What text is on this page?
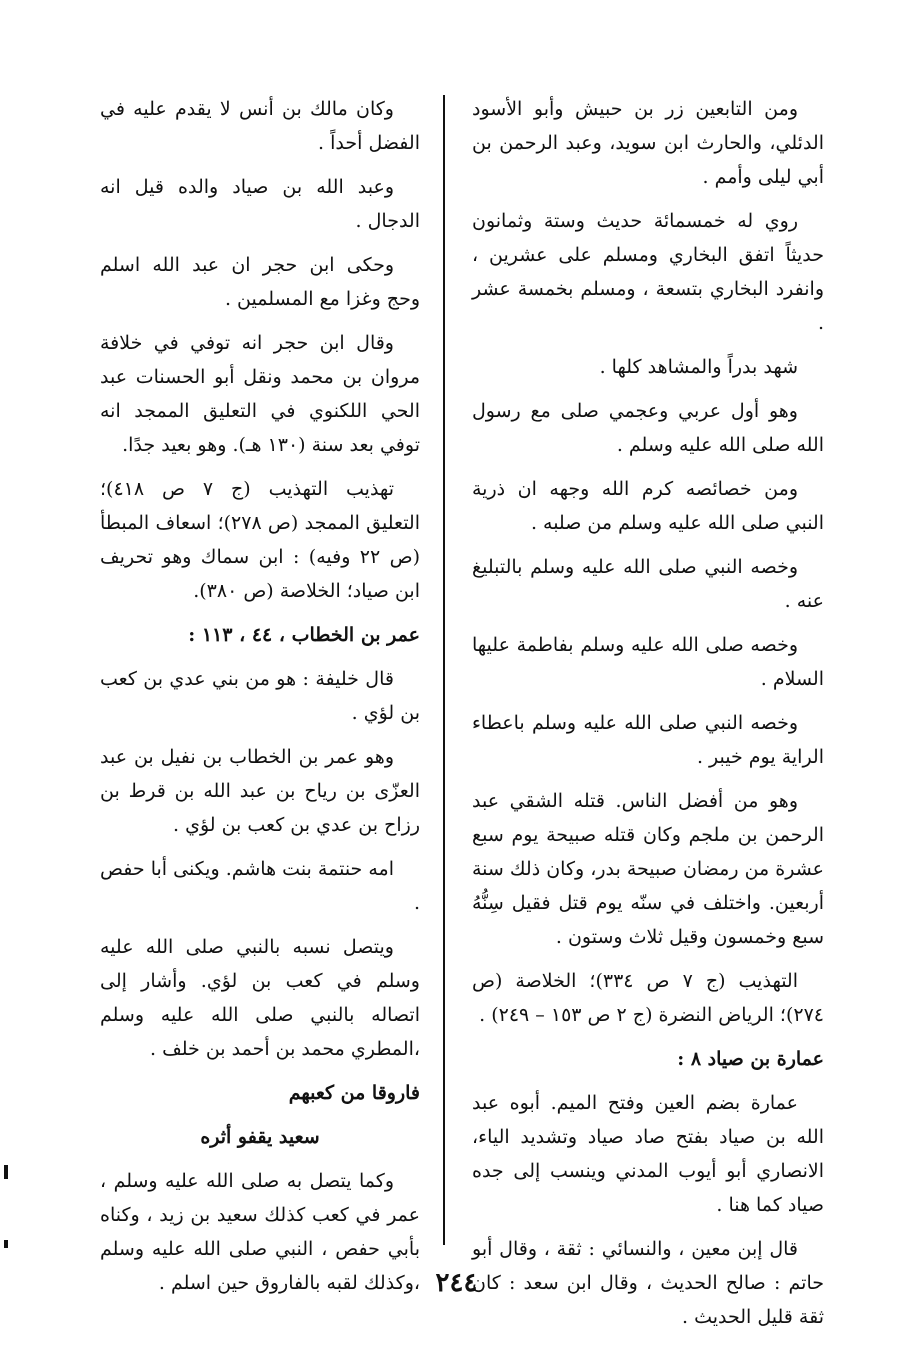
ومن التابعين زر بن حبيش وأبو الأسود الدئلي، والحارث ابن سويد، وعبد الرحمن بن أبي ليلى وأمم .

روي له خمسمائة حديث وستة وثمانون حديثاً اتفق البخاري ومسلم على عشرين ، وانفرد البخاري بتسعة ، ومسلم بخمسة عشر .

شهد بدراً والمشاهد كلها .

وهو أول عربي وعجمي صلى مع رسول الله صلى الله عليه وسلم .

ومن خصائصه كرم الله وجهه ان ذرية النبي صلى الله عليه وسلم من صلبه .

وخصه النبي صلى الله عليه وسلم بالتبليغ عنه .

وخصه صلى الله عليه وسلم بفاطمة عليها السلام .

وخصه النبي صلى الله عليه وسلم باعطاء الراية يوم خيبر .

وهو من أفضل الناس. قتله الشقي عبد الرحمن بن ملجم وكان قتله صبيحة يوم سبع عشرة من رمضان صبيحة بدر، وكان ذلك سنة أربعين. واختلف في سنّه يوم قتل فقيل سِنُّهُ سبع وخمسون وقيل ثلاث وستون .

التهذيب (ج ٧ ص ٣٣٤)؛ الخلاصة (ص ٢٧٤)؛ الرياض النضرة (ج ٢ ص ١٥٣ – ٢٤٩) .

عمارة بن صياد ٨ :

عمارة بضم العين وفتح الميم. أبوه عبد الله بن صياد بفتح صاد صياد وتشديد الياء، الانصاري أبو أيوب المدني وينسب إلى جده صياد كما هنا .

قال إبن معين ، والنسائي : ثقة ، وقال أبو حاتم : صالح الحديث ، وقال ابن سعد : كان ثقة قليل الحديث .

وكان مالك بن أنس لا يقدم عليه في الفضل أحداً .

وعبد الله بن صياد والده قيل انه الدجال .

وحكى ابن حجر ان عبد الله اسلم وحج وغزا مع المسلمين .

وقال ابن حجر انه توفي في خلافة مروان بن محمد ونقل أبو الحسنات عبد الحي اللكنوي في التعليق الممجد انه توفي بعد سنة (١٣٠ هـ). وهو بعيد جدًا.

تهذيب التهذيب (ج ٧ ص ٤١٨)؛ التعليق الممجد (ص ٢٧٨)؛ اسعاف المبطأ (ص ٢٢ وفيه) : ابن سماك وهو تحريف ابن صياد؛ الخلاصة (ص ٣٨٠).

عمر بن الخطاب ، ٤٤ ، ١١٣ :

قال خليفة : هو من بني عدي بن كعب بن لؤي .

وهو عمر بن الخطاب بن نفيل بن عبد العزّى بن رياح بن عبد الله بن قرط بن رزاح بن عدي بن كعب بن لؤي .

امه حنتمة بنت هاشم. ويكنى أبا حفص .

ويتصل نسبه بالنبي صلى الله عليه وسلم في كعب بن لؤي. وأشار إلى اتصاله بالنبي صلى الله عليه وسلم ،المطري محمد بن أحمد بن خلف .

فاروقا من كعبهم

سعيد يقفو أثره

وكما يتصل به صلى الله عليه وسلم ، عمر في كعب كذلك سعيد بن زيد ، وكناه بأبي حفص ، النبي صلى الله عليه وسلم ،وكذلك لقبه بالفاروق حين اسلم . ٢٤٤
